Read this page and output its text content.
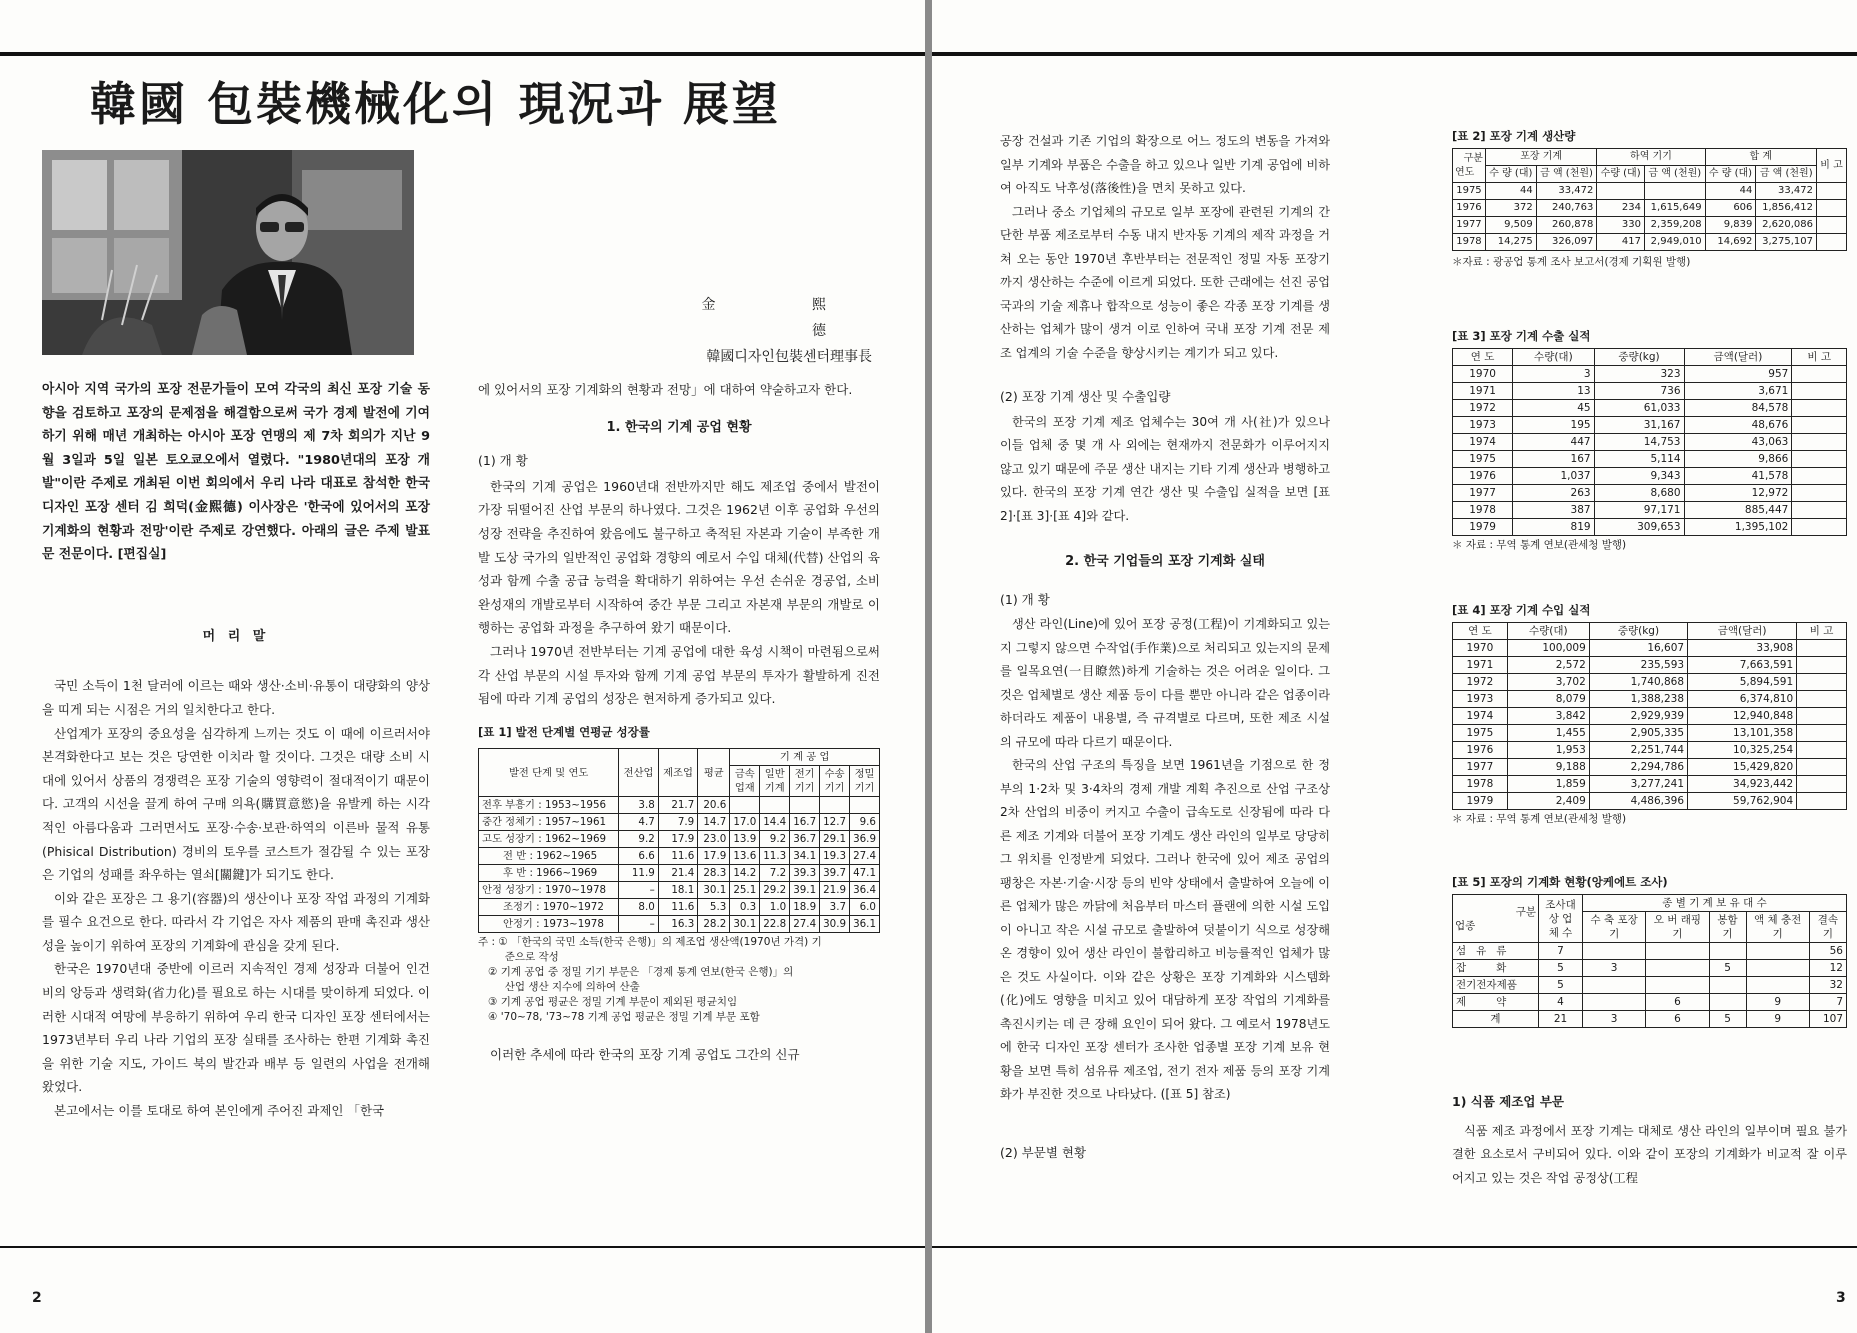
韓國 包裝機械化의 現況과 展望
金 熙 德
韓國디자인包裝센터理事長

아시아 지역 국가의 포장 전문가들이 모여 각국의 최신 포장 기술 동향을 검토하고 포장의 문제점을 해결함으로써 국가 경제 발전에 기여하기 위해 매년 개최하는 아시아 포장 연맹의 제 7차 회의가 지난 9월 3일과 5일 일본 토오쿄오에서 열렸다. "1980년대의 포장 개발"이란 주제로 개최된 이번 회의에서 우리 나라 대표로 참석한 한국 디자인 포장 센터 김 희덕(金熙德) 이사장은 '한국에 있어서의 포장 기계화의 현황과 전망'이란 주제로 강연했다. 아래의 글은 주제 발표문 전문이다. [편집실]

머 리 말

국민 소득이 1천 달러에 이르는 때와 생산·소비·유통이 대량화의 양상을 띠게 되는 시점은 거의 일치한다고 한다.

산업계가 포장의 중요성을 심각하게 느끼는 것도 이 때에 이르러서야 본격화한다고 보는 것은 당연한 이치라 할 것이다. 그것은 대량 소비 시대에 있어서 상품의 경쟁력은 포장 기술의 영향력이 절대적이기 때문이다. 고객의 시선을 끌게 하여 구매 의욕(購買意慾)을 유발케 하는 시각적인 아름다움과 그러면서도 포장·수송·보관·하역의 이른바 물적 유통(Phisical Distribution) 경비의 토우를 코스트가 절감될 수 있는 포장은 기업의 성패를 좌우하는 열쇠[關鍵]가 되기도 한다.

이와 같은 포장은 그 용기(容器)의 생산이나 포장 작업 과정의 기계화를 필수 요건으로 한다. 따라서 각 기업은 자사 제품의 판매 촉진과 생산성을 높이기 위하여 포장의 기계화에 관심을 갖게 된다.

한국은 1970년대 중반에 이르러 지속적인 경제 성장과 더불어 인건비의 앙등과 생력화(省力化)를 필요로 하는 시대를 맞이하게 되었다. 이러한 시대적 여망에 부응하기 위하여 우리 한국 디자인 포장 센터에서는 1973년부터 우리 나라 기업의 포장 실태를 조사하는 한편 기계화 촉진을 위한 기술 지도, 가이드 북의 발간과 배부 등 일련의 사업을 전개해 왔었다.

본고에서는 이를 토대로 하여 본인에게 주어진 과제인 「한국

에 있어서의 포장 기계화의 현황과 전망」에 대하여 약술하고자 한다.

1. 한국의 기계 공업 현황
(1) 개 황

한국의 기계 공업은 1960년대 전반까지만 해도 제조업 중에서 발전이 가장 뒤떨어진 산업 부문의 하나였다. 그것은 1962년 이후 공업화 우선의 성장 전략을 추진하여 왔음에도 불구하고 축적된 자본과 기술이 부족한 개발 도상 국가의 일반적인 공업화 경향의 예로서 수입 대체(代替) 산업의 육성과 함께 수출 공급 능력을 확대하기 위하여는 우선 손쉬운 경공업, 소비 완성재의 개발로부터 시작하여 중간 부문 그리고 자본재 부문의 개발로 이행하는 공업화 과정을 추구하여 왔기 때문이다.

그러나 1970년 전반부터는 기계 공업에 대한 육성 시책이 마련됨으로써 각 산업 부문의 시설 투자와 함께 기계 공업 부문의 투자가 활발하게 진전됨에 따라 기계 공업의 성장은 현저하게 증가되고 있다.

[표 1] 발전 단계별 연평균 성장률
발전 단계 및 연도	전산업	제조업	평균	기 계 공 업				
				금속 업재	일반 기계	전기 기기	수송 기기	정밀 기기
전후 부흥기 : 1953~1956	3.8	21.7	20.6					
중간 정체기 : 1957~1961	4.7	7.9	14.7	17.0	14.4	16.7	12.7	9.6
고도 성장기 : 1962~1969	9.2	17.9	23.0	13.9	9.2	36.7	29.1	36.9
전 반 : 1962~1965	6.6	11.6	17.9	13.6	11.3	34.1	19.3	27.4
후 반 : 1966~1969	11.9	21.4	28.3	14.2	7.2	39.3	39.7	47.1
안정 성장기 : 1970~1978	–	18.1	30.1	25.1	29.2	39.1	21.9	36.4
조정기 : 1970~1972	8.0	11.6	5.3	0.3	1.0	18.9	3.7	6.0
안정기 : 1973~1978	–	16.3	28.2	30.1	22.8	27.4	30.9	36.1
주 : ① 「한국의 국민 소득(한국 은행)」의 제조업 생산액(1970년 가격) 기
준으로 작성
② 기계 공업 중 정밀 기기 부문은 「경제 통계 연보(한국 은행)」의
산업 생산 지수에 의하여 산출
③ 기계 공업 평균은 정밀 기계 부문이 제외된 평균치임
④ '70~78, '73~78 기계 공업 평균은 정밀 기계 부문 포함

이러한 추세에 따라 한국의 포장 기계 공업도 그간의 신규

2

공장 건설과 기존 기업의 확장으로 어느 정도의 변동을 가져와 일부 기계와 부품은 수출을 하고 있으나 일반 기계 공업에 비하여 아직도 낙후성(落後性)을 면치 못하고 있다.

그러나 중소 기업체의 규모로 일부 포장에 관련된 기계의 간단한 부품 제조로부터 수동 내지 반자동 기계의 제작 과정을 거쳐 오는 동안 1970년 후반부터는 전문적인 정밀 자동 포장기까지 생산하는 수준에 이르게 되었다. 또한 근래에는 선진 공업국과의 기술 제휴나 합작으로 성능이 좋은 각종 포장 기계를 생산하는 업체가 많이 생겨 이로 인하여 국내 포장 기계 전문 제조 업계의 기술 수준을 향상시키는 계기가 되고 있다.

(2) 포장 기계 생산 및 수출입량

한국의 포장 기계 제조 업체수는 30여 개 사(社)가 있으나 이들 업체 중 몇 개 사 외에는 현재까지 전문화가 이루어지지 않고 있기 때문에 주문 생산 내지는 기타 기계 생산과 병행하고 있다. 한국의 포장 기계 연간 생산 및 수출입 실적을 보면 [표 2]·[표 3]·[표 4]와 같다.

2. 한국 기업들의 포장 기계화 실태
(1) 개 황

생산 라인(Line)에 있어 포장 공정(工程)이 기계화되고 있는지 그렇지 않으면 수작업(手作業)으로 처리되고 있는지의 문제를 일목요연(一目瞭然)하게 기술하는 것은 어려운 일이다. 그것은 업체별로 생산 제품 등이 다를 뿐만 아니라 같은 업종이라 하더라도 제품이 내용별, 즉 규격별로 다르며, 또한 제조 시설의 규모에 따라 다르기 때문이다.

한국의 산업 구조의 특징을 보면 1961년을 기점으로 한 정부의 1·2차 및 3·4차의 경제 개발 계획 추진으로 산업 구조상 2차 산업의 비중이 커지고 수출이 급속도로 신장됨에 따라 다른 제조 기계와 더불어 포장 기계도 생산 라인의 일부로 당당히 그 위치를 인정받게 되었다. 그러나 한국에 있어 제조 공업의 팽창은 자본·기술·시장 등의 빈약 상태에서 출발하여 오늘에 이른 업체가 많은 까닭에 처음부터 마스터 플랜에 의한 시설 도입이 아니고 작은 시설 규모로 출발하여 덧붙이기 식으로 성장해 온 경향이 있어 생산 라인이 불합리하고 비능률적인 업체가 많은 것도 사실이다. 이와 같은 상황은 포장 기계화와 시스템화(化)에도 영향을 미치고 있어 대담하게 포장 작업의 기계화를 촉진시키는 데 큰 장해 요인이 되어 왔다. 그 예로서 1978년도에 한국 디자인 포장 센터가 조사한 업종별 포장 기계 보유 현황을 보면 특히 섬유류 제조업, 전기 전자 제품 등의 포장 기계화가 부진한 것으로 나타났다. ([표 5] 참조)

(2) 부문별 현황
[표 2] 포장 기계 생산량
구분
연도	포장 기계		하역 기기		합 계		비 고
	수 량 (대)	금 액 (천원)	수량 (대)	금 액 (천원)	수 량 (대)	금 액 (천원)	
1975	44	33,472			44	33,472	
1976	372	240,763	234	1,615,649	606	1,856,412	
1977	9,509	260,878	330	2,359,208	9,839	2,620,086	
1978	14,275	326,097	417	2,949,010	14,692	3,275,107	
＊자료 : 광공업 통계 조사 보고서(경제 기획원 발행)
[표 3] 포장 기계 수출 실적
연 도	수량(대)	중량(kg)	금액(달러)	비 고
1970	3	323	957	
1971	13	736	3,671	
1972	45	61,033	84,578	
1973	195	31,167	48,676	
1974	447	14,753	43,063	
1975	167	5,114	9,866	
1976	1,037	9,343	41,578	
1977	263	8,680	12,972	
1978	387	97,171	885,447	
1979	819	309,653	1,395,102	
＊ 자료 : 무역 통계 연보(관세청 발행)
[표 4] 포장 기계 수입 실적
연 도	수량(대)	중량(kg)	금액(달러)	비 고
1970	100,009	16,607	33,908	
1971	2,572	235,593	7,663,591	
1972	3,702	1,740,868	5,894,591	
1973	8,079	1,388,238	6,374,810	
1974	3,842	2,929,939	12,940,848	
1975	1,455	2,905,335	13,101,358	
1976	1,953	2,251,744	10,325,254	
1977	9,188	2,294,786	15,429,820	
1978	1,859	3,277,241	34,923,442	
1979	2,409	4,486,396	59,762,904	
＊ 자료 : 무역 통계 연보(관세청 발행)
[표 5] 포장의 기계화 현황(앙케에트 조사)
구분
업종	조사대상 업 체 수	종 별 기 계 보 유 대 수				
		수 축 포장기	오 버 래핑기	봉함기	액 체 충전기	결속기
섬   유   류	7					56
잡         화	5	3		5		12
전기전자제품	5					32
제         약	4		6		9	7
계	21	3	6	5	9	107
1) 식품 제조업 부문

식품 제조 과정에서 포장 기계는 대체로 생산 라인의 일부이며 필요 불가결한 요소로서 구비되어 있다. 이와 같이 포장의 기계화가 비교적 잘 이루어지고 있는 것은 작업 공정상(工程

3
